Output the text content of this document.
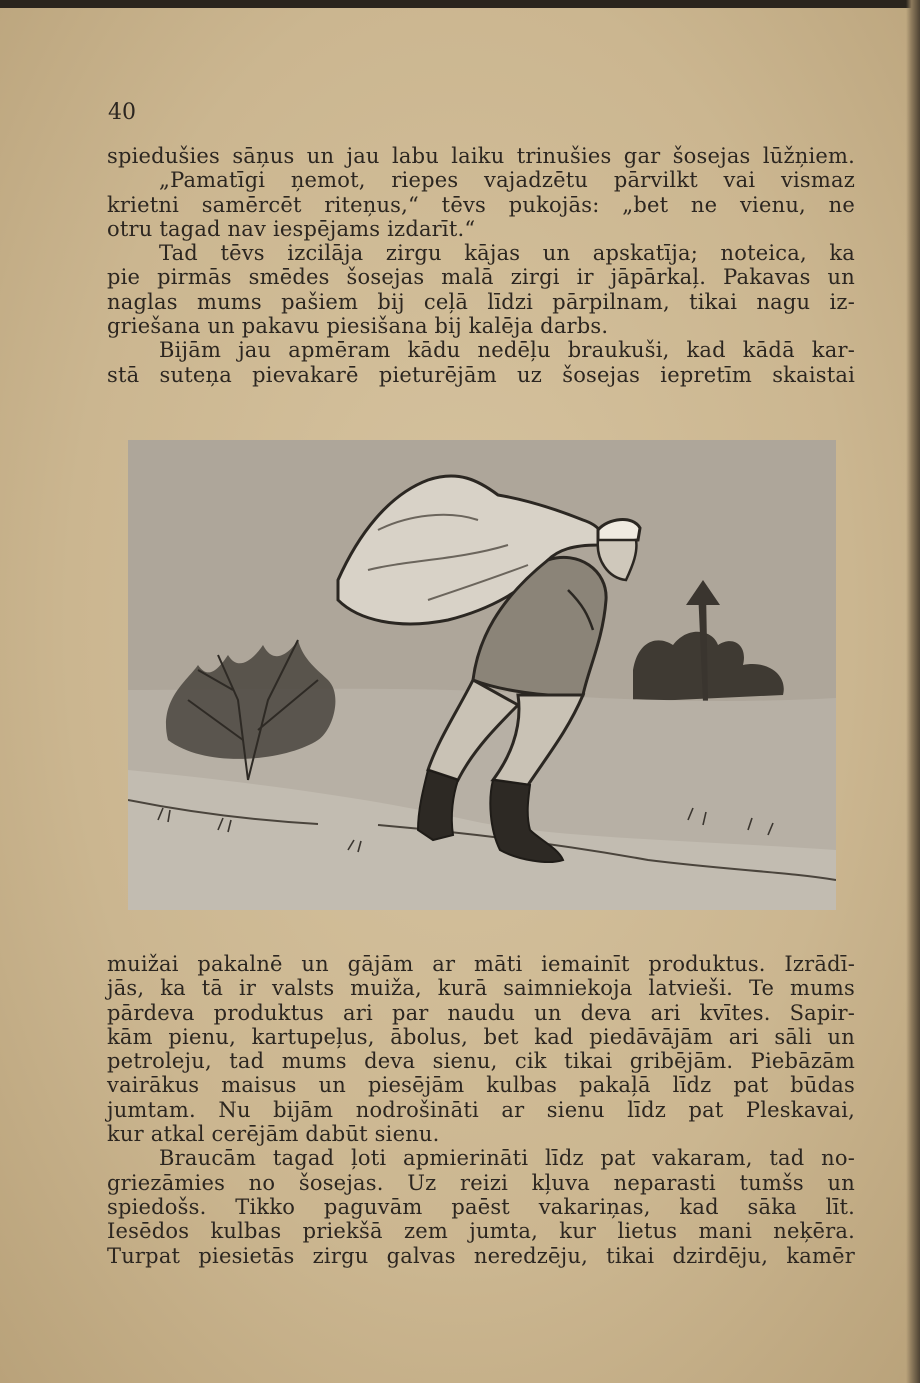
40
spiedušies sāņus un jau labu laiku trinušies gar šosejas lūžņiem.
„Pamatīgi ņemot, riepes vajadzētu pārvilkt vai vismaz
krietni samērcēt riteņus,“ tēvs pukojās: „bet ne vienu, ne
otru tagad nav iespējams izdarīt.“
Tad tēvs izcilāja zirgu kājas un apskatīja; noteica, ka
pie pirmās smēdes šosejas malā zirgi ir jāpārkaļ. Pakavas un
naglas mums pašiem bij ceļā līdzi pārpilnam, tikai nagu iz-
griešana un pakavu piesišana bij kalēja darbs.
Bijām jau apmēram kādu nedēļu braukuši, kad kādā kar-
stā suteņa pievakarē pieturējām uz šosejas iepretīm skaistai
muižai pakalnē un gājām ar māti iemainīt produktus. Izrādī-
jās, ka tā ir valsts muiža, kurā saimniekoja latvieši. Te mums
pārdeva produktus ari par naudu un deva ari kvītes. Sapir-
kām pienu, kartupeļus, ābolus, bet kad piedāvājām ari sāli un
petroleju, tad mums deva sienu, cik tikai gribējām. Piebāzām
vairākus maisus un piesējām kulbas pakaļā līdz pat būdas
jumtam. Nu bijām nodrošināti ar sienu līdz pat Pleskavai,
kur atkal cerējām dabūt sienu.
Braucām tagad ļoti apmierināti līdz pat vakaram, tad no-
griezāmies no šosejas. Uz reizi kļuva neparasti tumšs un
spiedošs. Tikko paguvām paēst vakariņas, kad sāka līt.
Iesēdos kulbas priekšā zem jumta, kur lietus mani neķēra.
Turpat piesietās zirgu galvas neredzēju, tikai dzirdēju, kamēr
